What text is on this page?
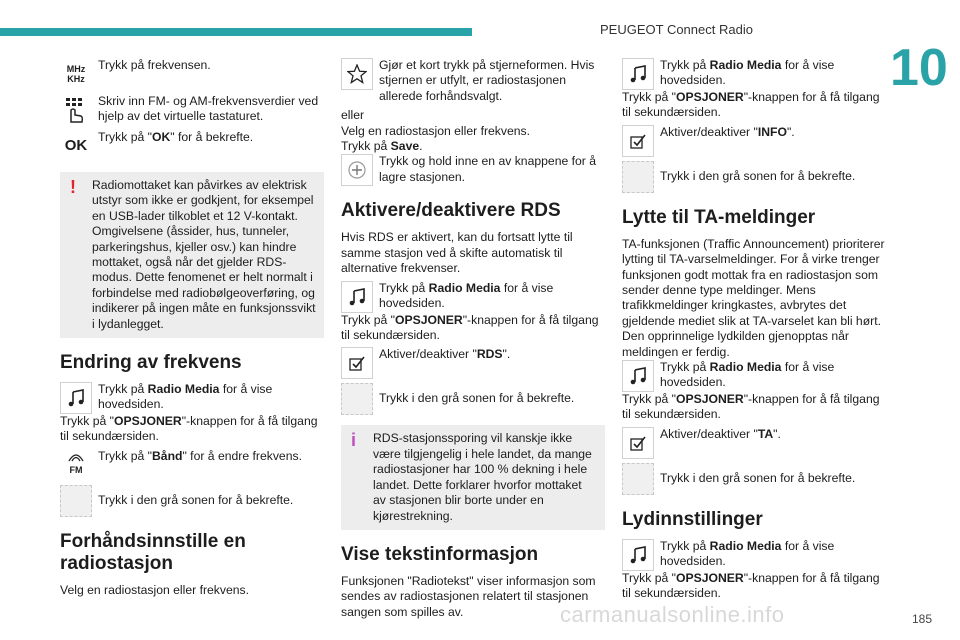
PEUGEOT Connect Radio
10
MHz KHz
Trykk på frekvensen.
Skriv inn FM- og AM-frekvensverdier ved hjelp av det virtuelle tastaturet.
OK
Trykk på "OK" for å bekrefte.
! Radiomottaket kan påvirkes av elektrisk utstyr som ikke er godkjent, for eksempel en USB-lader tilkoblet et 12 V-kontakt. Omgivelsene (åssider, hus, tunneler, parkeringshus, kjeller osv.) kan hindre mottaket, også når det gjelder RDS-modus. Dette fenomenet er helt normalt i forbindelse med radiobølgeoverføring, og indikerer på ingen måte en funksjonssvikt i lydanlegget.
Endring av frekvens
Trykk på Radio Media for å vise hovedsiden.
Trykk på "OPSJONER"-knappen for å få tilgang til sekundærsiden.
FM
Trykk på "Bånd" for å endre frekvens.
Trykk i den grå sonen for å bekrefte.
Forhåndsinnstille en radiostasjon

Velg en radiostasjon eller frekvens.

Gjør et kort trykk på stjerneformen. Hvis stjernen er utfylt, er radiostasjonen allerede forhåndsvalgt.

eller

Velg en radiostasjon eller frekvens.

Trykk på Save.

Trykk og hold inne en av knappene for å lagre stasjonen.
Aktivere/deaktivere RDS

Hvis RDS er aktivert, kan du fortsatt lytte til samme stasjon ved å skifte automatisk til alternative frekvenser.

Trykk på Radio Media for å vise hovedsiden.
Trykk på "OPSJONER"-knappen for å få tilgang til sekundærsiden.
Aktiver/deaktiver "RDS".
Trykk i den grå sonen for å bekrefte.
i RDS-stasjonssporing vil kanskje ikke være tilgjengelig i hele landet, da mange radiostasjoner har 100 % dekning i hele landet. Dette forklarer hvorfor mottaket av stasjonen blir borte under en kjørestrekning.
Vise tekstinformasjon

Funksjonen "Radiotekst" viser informasjon som sendes av radiostasjonen relatert til stasjonen sangen som spilles av.

Trykk på Radio Media for å vise hovedsiden.
Trykk på "OPSJONER"-knappen for å få tilgang til sekundærsiden.
Aktiver/deaktiver "INFO".
Trykk i den grå sonen for å bekrefte.
Lytte til TA-meldinger

TA-funksjonen (Traffic Announcement) prioriterer lytting til TA-varselmeldinger. For å virke trenger funksjonen godt mottak fra en radiostasjon som sender denne type meldinger. Mens trafikkmeldinger kringkastes, avbrytes det gjeldende mediet slik at TA-varselet kan bli hørt. Den opprinnelige lydkilden gjenopptas når meldingen er ferdig.

Trykk på Radio Media for å vise hovedsiden.
Trykk på "OPSJONER"-knappen for å få tilgang til sekundærsiden.
Aktiver/deaktiver "TA".
Trykk i den grå sonen for å bekrefte.
Lydinnstillinger
Trykk på Radio Media for å vise hovedsiden.
Trykk på "OPSJONER"-knappen for å få tilgang til sekundærsiden.
carmanualsonline.info	185
